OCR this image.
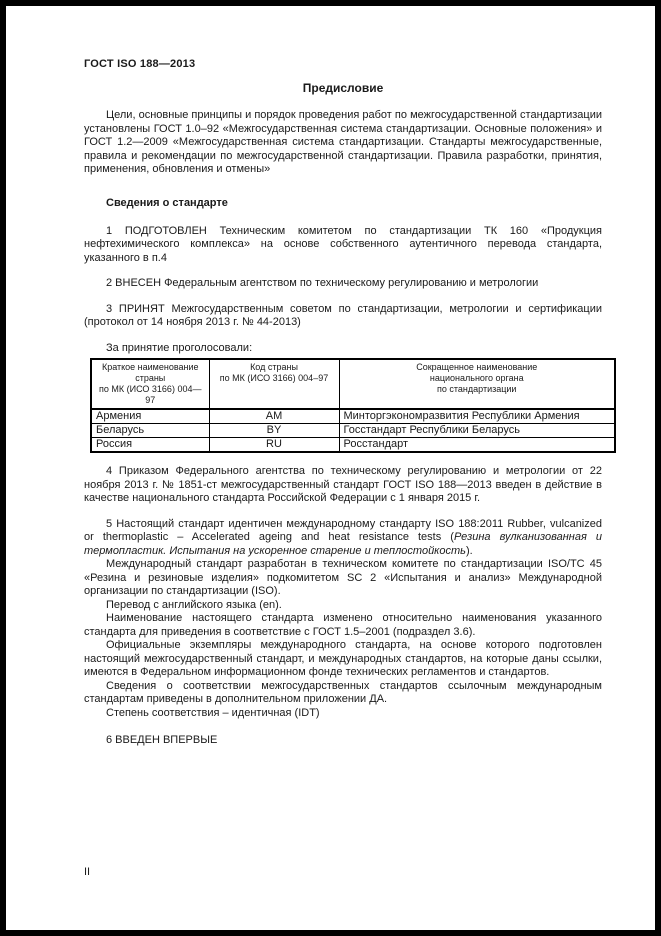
ГОСТ ISO 188—2013
Предисловие

Цели, основные принципы и порядок проведения работ по межгосударственной стандартизации установлены ГОСТ 1.0–92 «Межгосударственная система стандартизации. Основные положения» и ГОСТ 1.2—2009 «Межгосударственная система стандартизации. Стандарты межгосударственные, правила и рекомендации по межгосударственной стандартизации. Правила разработки, принятия, применения, обновления и отмены»

Сведения о стандарте

1 ПОДГОТОВЛЕН Техническим комитетом по стандартизации ТК 160 «Продукция нефтехимического комплекса» на основе собственного аутентичного перевода стандарта, указанного в п.4

2 ВНЕСЕН Федеральным агентством по техническому регулированию и метрологии

3 ПРИНЯТ Межгосударственным советом по стандартизации, метрологии и сертификации (протокол от 14 ноября 2013 г. № 44-2013)

За принятие проголосовали:

Краткое наименование
страны
по МК (ИСО 3166) 004—
97	Код страны
по МК (ИСО 3166) 004–97	Сокращенное наименование
национального органа
по стандартизации
Армения	AM	Минторгэкономразвития Республики Армения
Беларусь	BY	Госстандарт Республики Беларусь
Россия	RU	Росстандарт

4 Приказом Федерального агентства по техническому регулированию и метрологии от 22 ноября 2013 г. № 1851-ст межгосударственный стандарт ГОСТ ISO 188—2013 введен в действие в качестве национального стандарта Российской Федерации с 1 января 2015 г.

5 Настоящий стандарт идентичен международному стандарту ISO 188:2011 Rubber, vulcanized or thermoplastic – Accelerated ageing and heat resistance tests (Резина вулканизованная и термопластик. Испытания на ускоренное старение и теплостойкость).

Международный стандарт разработан в техническом комитете по стандартизации ISO/ТС 45 «Резина и резиновые изделия» подкомитетом SC 2 «Испытания и анализ» Международной организации по стандартизации (ISO).

Перевод с английского языка (en).

Наименование настоящего стандарта изменено относительно наименования указанного стандарта для приведения в соответствие с ГОСТ 1.5–2001 (подраздел 3.6).

Официальные экземпляры международного стандарта, на основе которого подготовлен настоящий межгосударственный стандарт, и международных стандартов, на которые даны ссылки, имеются в Федеральном информационном фонде технических регламентов и стандартов.

Сведения о соответствии межгосударственных стандартов ссылочным международным стандартам приведены в дополнительном приложении ДА.

Степень соответствия – идентичная (IDT)

6 ВВЕДЕН ВПЕРВЫЕ

II
